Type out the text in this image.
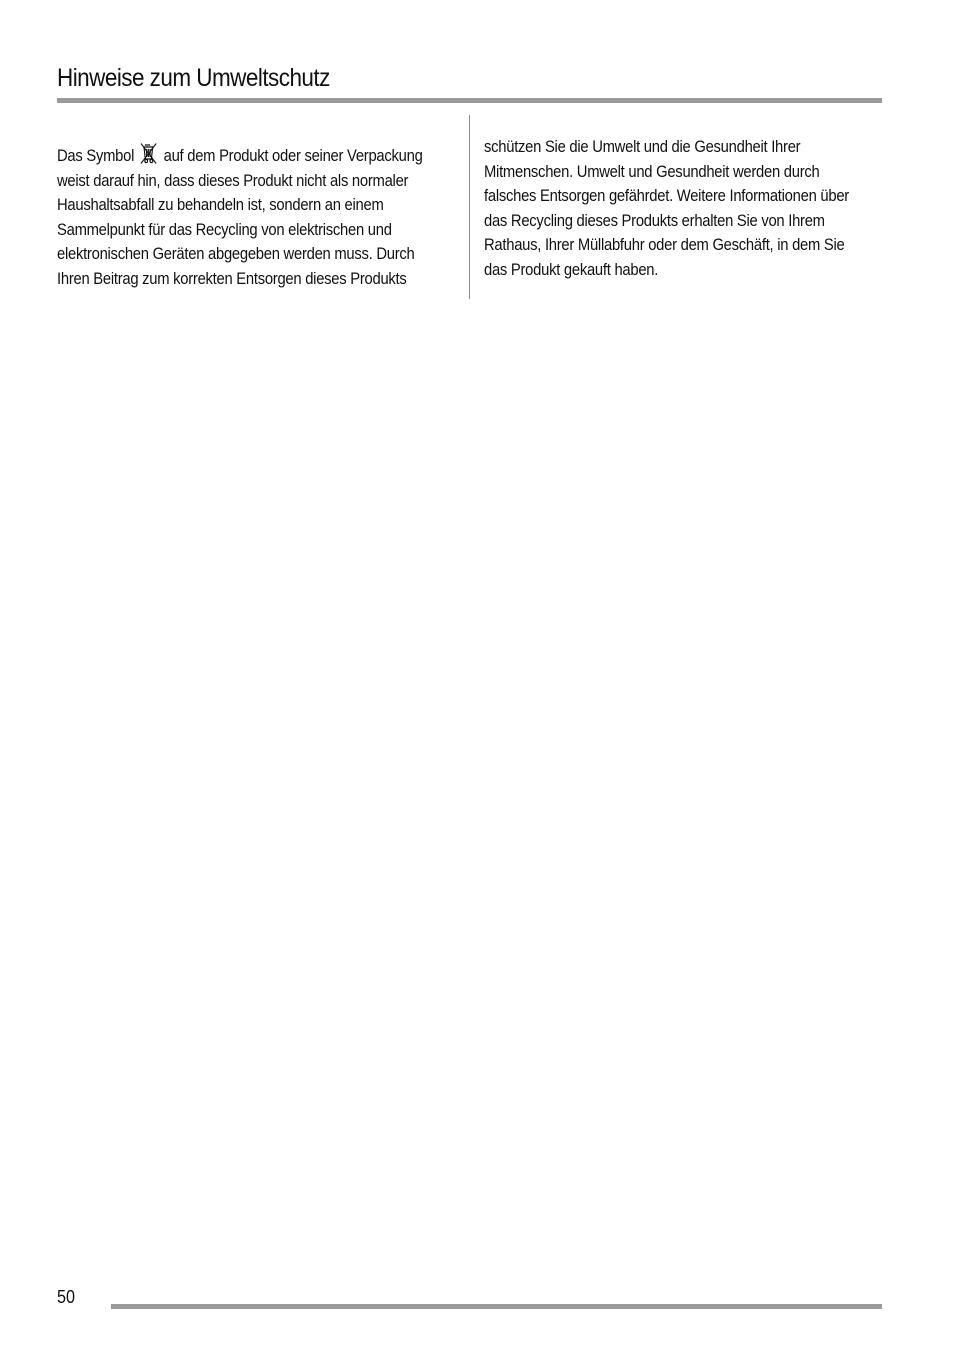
Hinweise zum Umweltschutz
Das Symbol auf dem Produkt oder seiner Verpackung
weist darauf hin, dass dieses Produkt nicht als normaler
Haushaltsabfall zu behandeln ist, sondern an einem
Sammelpunkt für das Recycling von elektrischen und
elektronischen Geräten abgegeben werden muss. Durch
Ihren Beitrag zum korrekten Entsorgen dieses Produkts
schützen Sie die Umwelt und die Gesundheit Ihrer
Mitmenschen. Umwelt und Gesundheit werden durch
falsches Entsorgen gefährdet. Weitere Informationen über
das Recycling dieses Produkts erhalten Sie von Ihrem
Rathaus, Ihrer Müllabfuhr oder dem Geschäft, in dem Sie
das Produkt gekauft haben.
50
